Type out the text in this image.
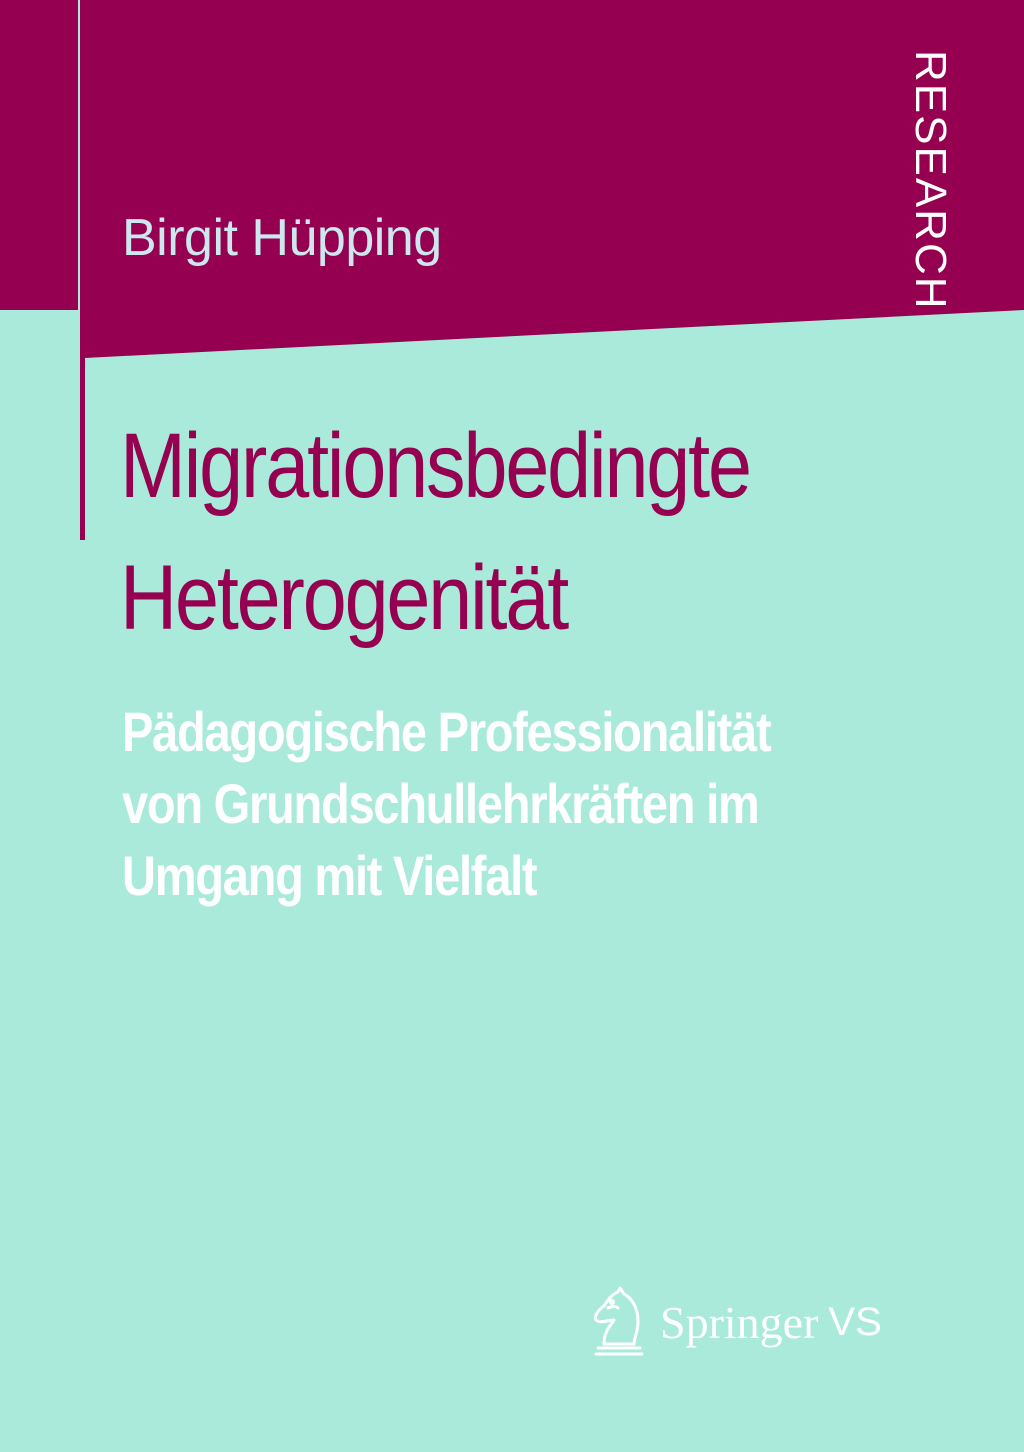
RESEARCH
Birgit Hüpping
Migrationsbedingte
Heterogenität
Pädagogische Professionalität
von Grundschullehrkräften im
Umgang mit Vielfalt
Springer VS
